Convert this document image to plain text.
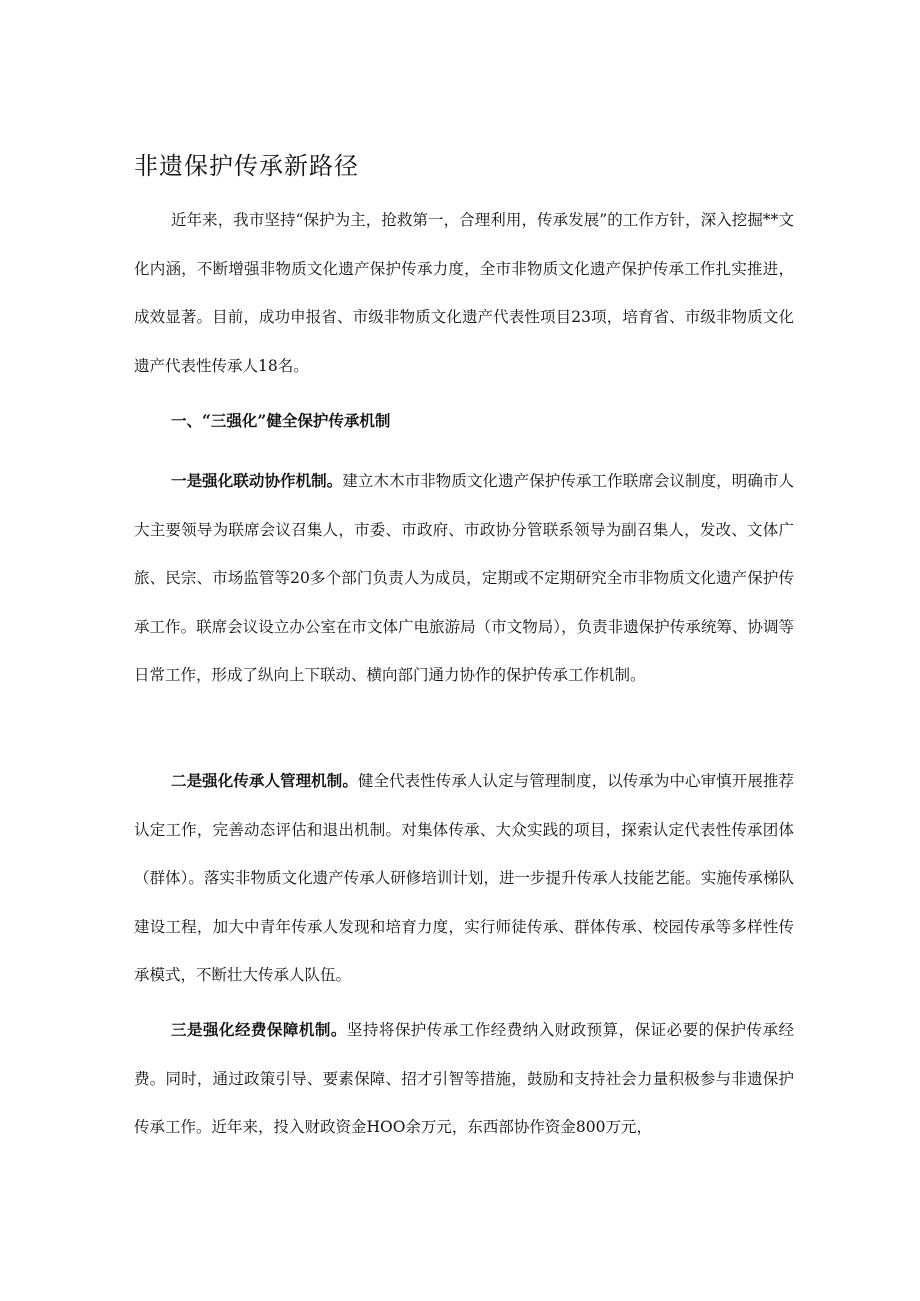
非遗保护传承新路径

近年来，我市坚持“保护为主，抢救第一，合理利用，传承发展”的工作方针，深入挖掘**文化内涵，不断增强非物质文化遗产保护传承力度，全市非物质文化遗产保护传承工作扎实推进，成效显著。目前，成功申报省、市级非物质文化遗产代表性项目23项，培育省、市级非物质文化遗产代表性传承人18名。

一、“三强化”健全保护传承机制

一是强化联动协作机制。建立木木市非物质文化遗产保护传承工作联席会议制度，明确市人大主要领导为联席会议召集人，市委、市政府、市政协分管联系领导为副召集人，发改、文体广旅、民宗、市场监管等20多个部门负责人为成员，定期或不定期研究全市非物质文化遗产保护传承工作。联席会议设立办公室在市文体广电旅游局（市文物局），负责非遗保护传承统筹、协调等日常工作，形成了纵向上下联动、横向部门通力协作的保护传承工作机制。

二是强化传承人管理机制。健全代表性传承人认定与管理制度，以传承为中心审慎开展推荐认定工作，完善动态评估和退出机制。对集体传承、大众实践的项目，探索认定代表性传承团体（群体）。落实非物质文化遗产传承人研修培训计划，进一步提升传承人技能艺能。实施传承梯队建设工程，加大中青年传承人发现和培育力度，实行师徒传承、群体传承、校园传承等多样性传承模式，不断壮大传承人队伍。

三是强化经费保障机制。坚持将保护传承工作经费纳入财政预算，保证必要的保护传承经费。同时，通过政策引导、要素保障、招才引智等措施，鼓励和支持社会力量积极参与非遗保护传承工作。近年来，投入财政资金HOO余万元，东西部协作资金800万元，
